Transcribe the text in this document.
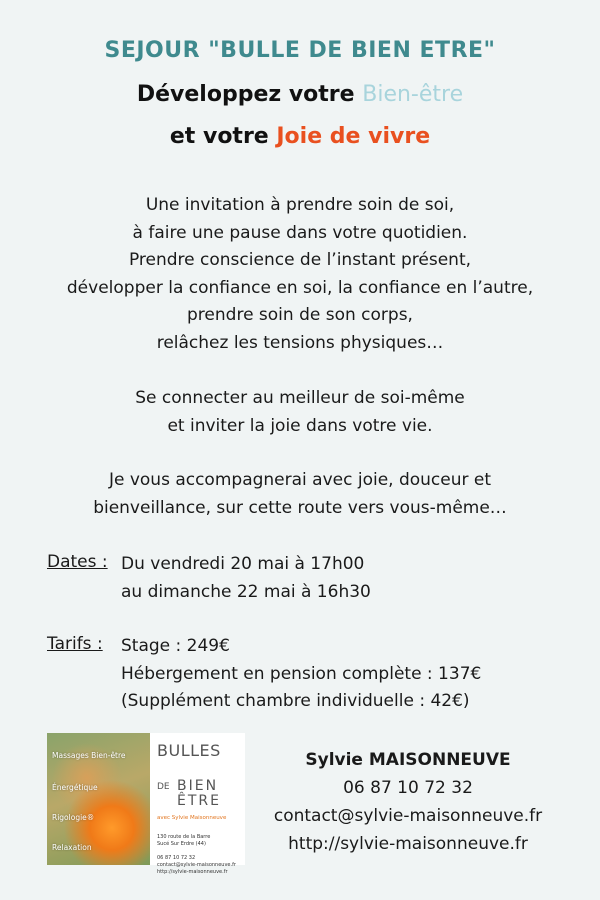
SEJOUR "BULLE DE BIEN ETRE"
Développez votre Bien-être
et votre Joie de vivre
Une invitation à prendre soin de soi,
à faire une pause dans votre quotidien.
Prendre conscience de l’instant présent,
développer la confiance en soi, la confiance en l’autre,
prendre soin de son corps,
relâchez les tensions physiques…
Se connecter au meilleur de soi-même
et inviter la joie dans votre vie.
Je vous accompagnerai avec joie, douceur et
bienveillance, sur cette route vers vous-même…
Dates : Du vendredi 20 mai à 17h00
au dimanche 22 mai à 16h30
Tarifs : Stage : 249€
Hébergement en pension complète : 137€
(Supplément chambre individuelle : 42€)
Massages Bien-être
Énergétique
Rigologie®
Relaxation
BULLES
DE BIEN
ÊTRE
avec Sylvie Maisonneuve
130 route de la Barre
Sucé Sur Erdre (44)
06 87 10 72 32
contact@sylvie-maisonneuve.fr
http://sylvie-maisonneuve.fr
Sylvie MAISONNEUVE
06 87 10 72 32
contact@sylvie-maisonneuve.fr
http://sylvie-maisonneuve.fr
